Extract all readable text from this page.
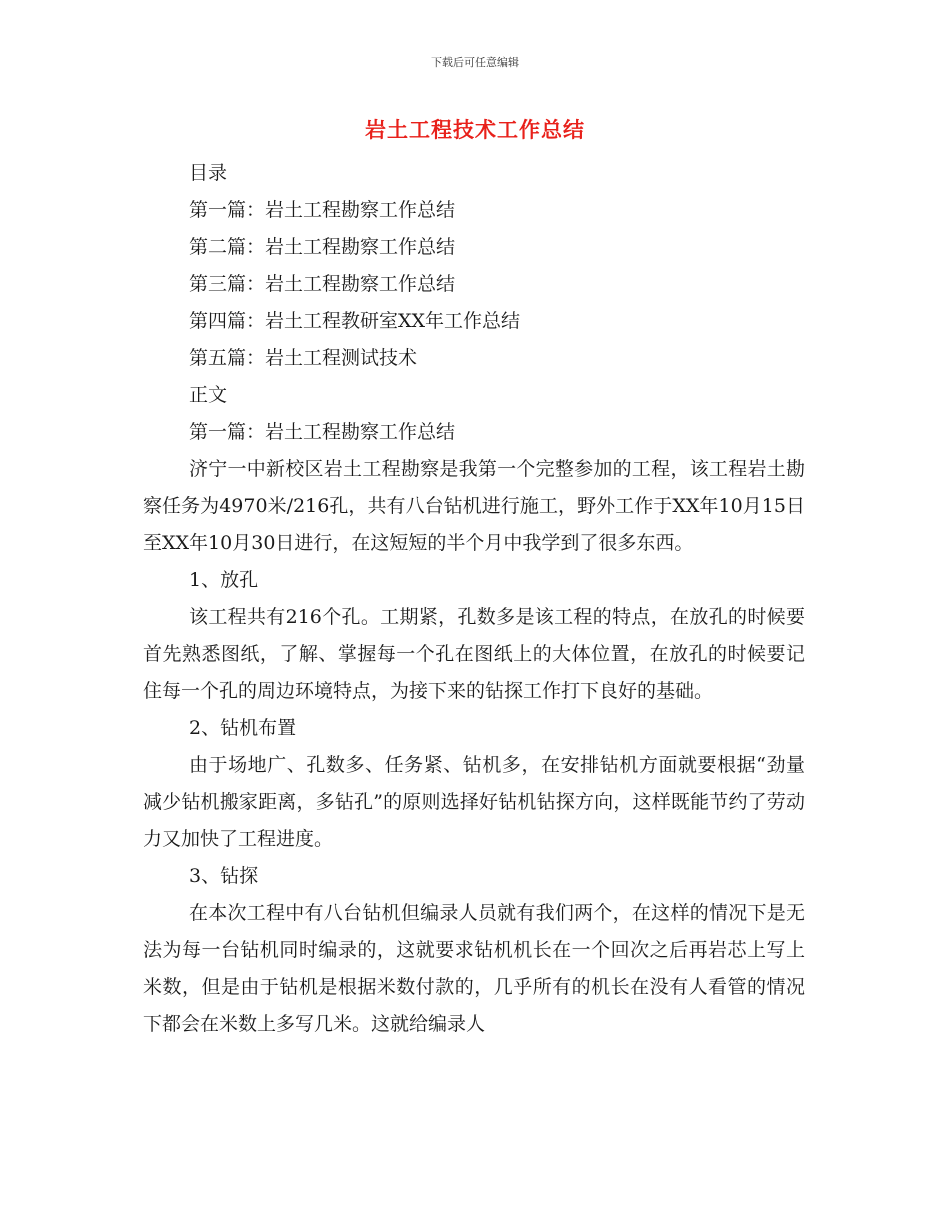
下载后可任意编辑
岩土工程技术工作总结
目录
第一篇：岩土工程勘察工作总结
第二篇：岩土工程勘察工作总结
第三篇：岩土工程勘察工作总结
第四篇：岩土工程教研室XX年工作总结
第五篇：岩土工程测试技术
正文
第一篇：岩土工程勘察工作总结

济宁一中新校区岩土工程勘察是我第一个完整参加的工程，该工程岩土勘察任务为4970米/216孔，共有八台钻机进行施工，野外工作于XX年10月15日至XX年10月30日进行，在这短短的半个月中我学到了很多东西。

1、放孔

该工程共有216个孔。工期紧，孔数多是该工程的特点，在放孔的时候要首先熟悉图纸，了解、掌握每一个孔在图纸上的大体位置，在放孔的时候要记住每一个孔的周边环境特点，为接下来的钻探工作打下良好的基础。

2、钻机布置

由于场地广、孔数多、任务紧、钻机多，在安排钻机方面就要根据“劲量减少钻机搬家距离，多钻孔”的原则选择好钻机钻探方向，这样既能节约了劳动力又加快了工程进度。

3、钻探

在本次工程中有八台钻机但编录人员就有我们两个，在这样的情况下是无法为每一台钻机同时编录的，这就要求钻机机长在一个回次之后再岩芯上写上米数，但是由于钻机是根据米数付款的，几乎所有的机长在没有人看管的情况下都会在米数上多写几米。这就给编录人
